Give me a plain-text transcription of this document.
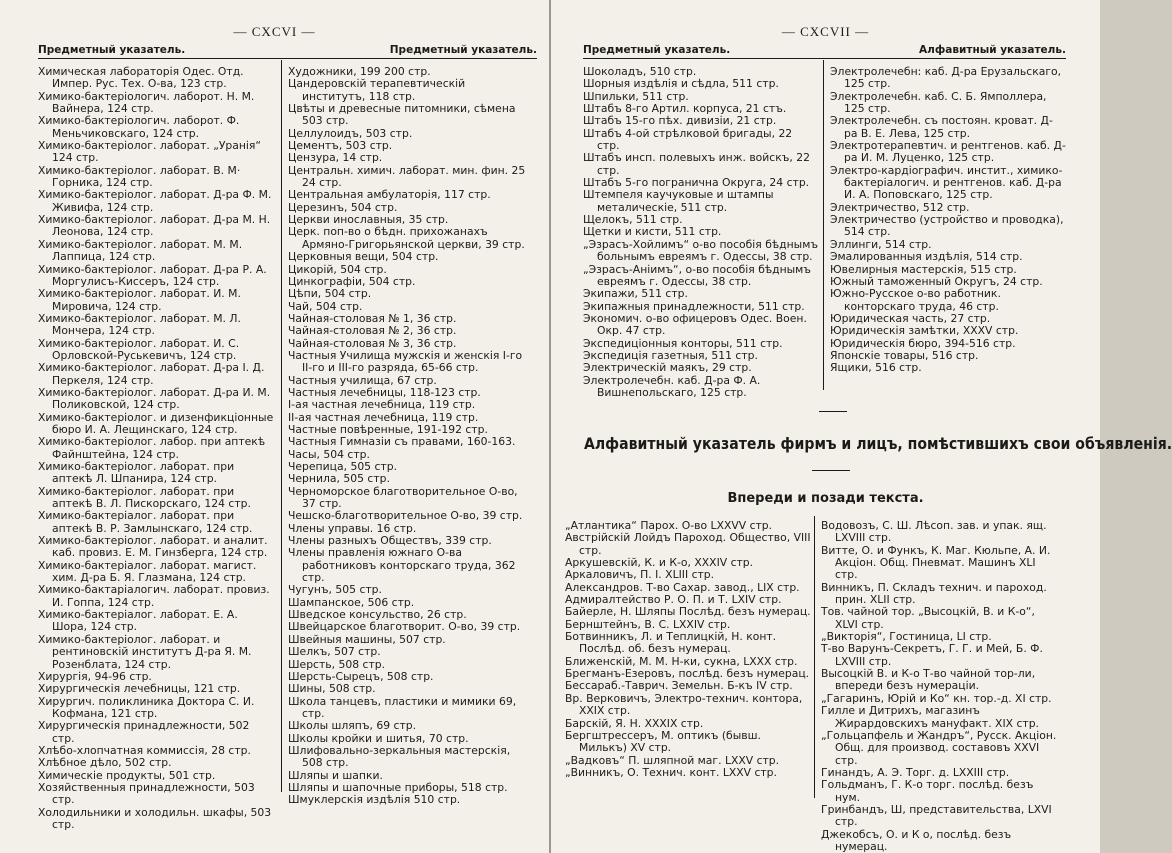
— CXCVI —
Предметный указатель.	Предметный указатель.
Химическая лабораторія Одес. Отд. Импер. Рус. Тех. О-ва, 123 стр.
Химико-бактеріологич. лаборот. Н. М. Вайнера, 124 стр.
Химико-бактеріологич. лаборот. Ф. Меньчиковскаго, 124 стр.
Химико-бактеріолог. лаборат. „Уранія“ 124 стр.
Химико-бактеріолог. лаборат. В. М· Горника, 124 стр.
Химико-бактеріолог. лаборат. Д-ра Ф. М. Живифа, 124 стр.
Химико-бактеріолог. лаборат. Д-ра М. Н. Леонова, 124 стр.
Химико-бактеріолог. лаборат. М. М. Лаппица, 124 стр.
Химико-бактеріолог. лаборат. Д-ра Р. А. Моргулисъ-Киссеръ, 124 стр.
Химико-бактеріолог. лаборат. И. М. Мировича, 124 стр.
Химико-бактеріолог. лаборат. М. Л. Мончера, 124 стр.
Химико-бактеріолог. лаборат. И. С. Орловской-Руськевичъ, 124 стр.
Химико-бактеріолог. лаборат. Д-ра І. Д. Перкеля, 124 стр.
Химико-бактеріолог. лаборат. Д-ра И. М. Поликовской, 124 стр.
Химико-бактеріолог. и дизенфикціонные бюро И. А. Лещинскаго, 124 стр.
Химико-бактеріолог. лабор. при аптекѣ Файнштейна, 124 стр.
Химико-бактеріолог. лаборат. при аптекѣ Л. Шпанира, 124 стр.
Химико-бактеріолог. лаборат. при аптекѣ В. Л. Пискорскаго, 124 стр.
Химико-бактеріалог. лаборат. при аптекѣ В. Р. Замлынскаго, 124 стр.
Химико-бактеріолог. лаборат. и аналит. каб. провиз. Е. М. Гинзберга, 124 стр.
Химико-бактеріалог. лаборат. магист. хим. Д-ра Б. Я. Глазмана, 124 стр.
Химико-бактаріалогич. лаборат. провиз. И. Гоппа, 124 стр.
Химико-бактеріалог. лаборат. Е. А. Шора, 124 стр.
Химико-бактеріолог. лаборат. и рентиновскій институтъ Д-ра Я. М. Розенблата, 124 стр.
Хирургія, 94-96 стр.
Хирургическія лечебницы, 121 стр.
Хирургич. поликлиника Доктора С. И. Кофмана, 121 стр.
Хирургическія принадлежности, 502 стр.
Хлѣбо-хлопчатная коммиссія, 28 стр.
Хлѣбное дѣло, 502 стр.
Химическіе продукты, 501 стр.
Хозяйственныя принадлежности, 503 стр.
Холодильники и холодильн. шкафы, 503 стр.
Художники, 199 200 стр.
Цандеровскій терапевтическій институтъ, 118 стр.
Цвѣты и древесные питомники, сѣмена 503 стр.
Целлулоидъ, 503 стр.
Цементъ, 503 стр.
Цензура, 14 стр.
Центральн. химич. лаборат. мин. фин. 25 24 стр.
Центральная амбулаторія, 117 стр.
Церезинъ, 504 стр.
Церкви иноcлавныя, 35 стр.
Церк. поп-во о бѣдн. прихожанахъ Армяно-Григорьянской церкви, 39 стр.
Церковныя вещи, 504 стр.
Цикорій, 504 стр.
Цинкографіи, 504 стр.
Цѣпи, 504 стр.
Чай, 504 стр.
Чайная-столовая № 1, 36 стр.
Чайная-столовая № 2, 36 стр.
Чайная-столовая № 3, 36 стр.
Частныя Училища мужскія и женскія I-го II-го и III-го разряда, 65-66 стр.
Частныя училища, 67 стр.
Частныя лечебницы, 118-123 стр.
I-ая частная лечебница, 119 стр.
II-ая частная лечебница, 119 стр.
Частные повѣренные, 191-192 стр.
Частныя Гимназіи съ правами, 160-163.
Часы, 504 стр.
Черепица, 505 стр.
Чернила, 505 стр.
Черноморское благотворительное О-во, 37 стр.
Чешско-благотворительное О-во, 39 стр.
Члены управы. 16 стр.
Члены разныхъ Обществъ, 339 стр.
Члены правленія южнаго О-ва работниковъ конторскаго труда, 362 стр.
Чугунъ, 505 стр.
Шампанское, 506 стр.
Шведское консульство, 26 стр.
Швейцарское благотворит. О-во, 39 стр.
Швейныя машины, 507 стр.
Шелкъ, 507 стр.
Шерсть, 508 стр.
Шерсть-Сырецъ, 508 стр.
Шины, 508 стр.
Школа танцевъ, пластики и мимики 69, стр.
Школы шляпъ, 69 стр.
Школы кройки и шитья, 70 стр.
Шлифовально-зеркальныя мастерскія, 508 стр.
Шляпы и шапки.
Шляпы и шапочные приборы, 518 стр.
Шмуклерскія издѣлія 510 стр.
— CXCVII —
Предметный указатель.	Алфавитный указатель.
Шоколадъ, 510 стр.
Шорныя издѣлія и сѣдла, 511 стр.
Шпильки, 511 стр.
Штабъ 8-го Артил. корпуса, 21 стъ.
Штабъ 15-го пѣх. дивизіи, 21 стр.
Штабъ 4-ой стрѣлковой бригады, 22 стр.
Штабъ инсп. полевыхъ инж. войскъ, 22 стр.
Штабъ 5-го погранична Округа, 24 стр.
Штемпеля каучуковые и штампы металическіе, 511 стр.
Щелокъ, 511 стр.
Щетки и кисти, 511 стр.
„Эзрасъ-Хойлимъ“ о-во пособія бѣднымъ больнымъ евреямъ г. Одессы, 38 стр.
„Эзрасъ-Аніимъ“, о-во пособія бѣднымъ евреямъ г. Одессы, 38 стр.
Экипажи, 511 стр.
Экипажныя принадлежности, 511 стр.
Экономич. о-во офицеровъ Одес. Воен. Окр. 47 стр.
Экспедиціонныя конторы, 511 стр.
Экспедиція газетныя, 511 стр.
Электрическій маякъ, 29 стр.
Электролечебн. каб. Д-ра Ф. А. Вишнепольскаго, 125 стр.
Электролечебн: каб. Д-ра Ерузальскаго, 125 стр.
Электролечебн. каб. С. Б. Ямполлера, 125 стр.
Электролечебн. съ постоян. кроват. Д-ра В. Е. Лева, 125 стр.
Электротерапевтич. и рентгенов. каб. Д-ра И. М. Луценко, 125 стр.
Электро-кардіографич. инстит., химико-бактеріалогич. и рентгенов. каб. Д-ра И. А. Поповскаго, 125 стр.
Электричество, 512 стр.
Электричество (устройство и проводка), 514 стр.
Эллинги, 514 стр.
Эмалированныя издѣлія, 514 стр.
Ювелирныя мастерскія, 515 стр.
Южный таможенный Округъ, 24 стр.
Южно-Русское о-во работник. конторскаго труда, 46 стр.
Юридическая часть, 27 стр.
Юридическія замѣтки, XXXV стр.
Юридическія бюро, 394-516 стр.
Японскіе товары, 516 стр.
Ящики, 516 стр.
Алфавитный указатель фирмъ и лицъ, помѣстившихъ свои объявленія.
Впереди и позади текста.
„Атлантика“ Парох. О-во LXXVV стр.
Австрійскій Лойдъ Пароход. Общество, VIII стр.
Аркушевскій, К. и К-о, XXXIV стр.
Аркаловичъ, П. І. XLIII стр.
Александров. Т-во Сахар. завод., LIX стр.
Адмиралтейство Р. О. П. и Т. LXIV стр.
Байерле, Н. Шляпы Послѣд. безъ нумерац.
Бернштейнъ, В. С. LXXIV стр.
Ботвинникъ, Л. и Теплицкій, Н. конт. Послѣд. об. безъ нумерац.
Ближенскій, М. М. Н-ки, сукна, LXXX стр.
Брегманъ-Езеровъ, послѣд. безъ нумерац.
Бессараб.-Таврич. Земельн. Б-къ IV стр.
Вр. Верковичъ, Электро-технич. контора, XXIX стр.
Барскій, Я. Н. XXXIX стр.
Бергштрессеръ, М. оптикъ (бывш. Милькъ) XV стр.
„Вадковъ“ П. шляпной маг. LXXV стр.
„Винникъ, О. Технич. конт. LXXV стр.
Водовозъ, С. Ш. Лѣсоп. зав. и упак. ящ. LXVIII стр.
Витте, О. и Функъ, К. Маг. Кюльпе, А. И. Акціон. Общ. Пневмат. Машинъ XLI стр.
Винникъ, П. Складъ технич. и пароход. прин. XLII стр.
Тов. чайной тор. „Высоцкій, В. и К-о“, XLVI стр.
„Викторія“, Гостиница, LI стр.
Т-во Варунъ-Секретъ, Г. Г. и Мей, Б. Ф. LXVIII стр.
Высоцкій В. и К-о Т-во чайной тор-ли, впереди безъ нумераціи.
„Гагаринъ, Юрій и Ко“ кн. тор.-д. XI стр.
Гилле и Дитрихъ, магазинъ Жирардовскихъ мануфакт. XIX стр.
„Гольцапфель и Жандръ“, Русск. Акціон. Общ. для производ. составовъ XXVI стр.
Гинандъ, А. Э. Торг. д. LXXIII стр.
Гольдманъ, Г. К-о торг. послѣд. безъ нум.
Гринбандъ, Ш, представительства, LXVI стр.
Джекобсъ, О. и К о, послѣд. безъ нумерац.
